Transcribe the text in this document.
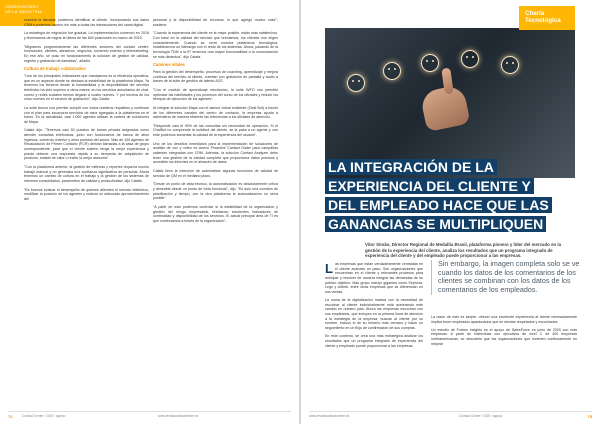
OBSERVATORIO
DE LA INDUSTRIA

conecta la llamada, podemos identificar al cliente. Incorporando sus datos CRM's podemos hacerlo sin más a todas las interacciones del canal digital.

La estrategia de migración fue gradual. La implementación comenzó en 2016 y terminamos de migrar la última de las 600 posiciones en marzo de 2019.

"Migramos progresivamente las diferentes sectores del contact center: Inversiones, clientes, abrasivos, negocios, comercio exterior y telemarketing. En ese año, se puso en funcionamiento la solución de gestión de calidad, registro y grabación de llamadas", añadió.

Cultura de trabajo colaborativo

"Uno de los principales indicadores que manejamos es la eficiencia operativa, que es un aspecto donde se destaca la estabilidad de la plataforma Maya. Ya tenemos los ficheros desde la inestabilidad y la disponibilidad del servidor telefónico ha sido superior a otros mares; en los servicios autoritarios de chat, correo y redes sociales hemos llegado a cuatro nueves. Y por encima de los cinco nueves en el servicio de grabación", dijo Calafa.

La suite Anexo nos permite cumplir con todos nuestros requisitos y continuar con el plan para incorporar servicios de valor agregado a la plataforma en el futuro. En la actualidad, casi 1.000 agentes utilizan la cartera de soluciones de Maya.

Calafa dijo: "Tenemos casi 50 puestos de banca privada asignados como atender consultas telefónicas, junto con funcionarios de banca de altos ingresos, comercio exterior y otros puestos del sector. Más de 100 agentes de Recaudación de Primer Contacto (FCR) derivan llamadas a la casa de grupo correspondiente, para que el cliente solemn tenga la mejor experiencia y pueda obtener una respuesta rápida a su demanda de adquisición de producto, estado de valor o recibir la mejor asesoría".

"Con la plataforma anterior, la gestión de métricas y reportes requería mucho trabajo manual y no generaba una confianza significativa de personal. Ahora tenemos un cambio de cultura en el trabajo y la gestión de los sistemas de informes consolidados, parámetros de calidad y productividad, dijo Calafa.

"Es buenos evaluar el desempeño de quienes atienden el servicio telefónico, modificar la posición de los agentes y realizar un adecuado aprovechamiento del

personal y la disponibilidad de recursos, lo que agregó mucho valor", sostiene.

"Cuando la experiencia del cliente es la mejor posible, están más satisfechos. Con base en la calidad del servicio que brindamos, los clientes nos eligen constantemente. Cuando se cerró nuestra plataforma tecnológica, establecemos un liderazgo con el resto de los sistemas. Ahora, pasando de la tecnología TDM a la IP, tenemos una mayor funcionalidad a la comunicación se más dinámica", dijo Calafa.

Caminos vitales

Para la gestión del desempeño, procesos de coaching, aprendizaje y mejora continua del servicio al cliente, cuentan con grabación de pantalla y audio a través de la suite de gestión de talento ACE.

"Con el módulo de aprendizaje electrónico, la suite WFO nos permitió optimizar las habilidades y los procesos del curso de los oficiales y reducir los tiempos de ejecución de los agentes".

Al integrar la solución Maya con el asesor virtual existente (Chat Bot) a través de los diferentes canales del centro de contacto, la empresa ayuda a administrar de manera eficiente las referencias a los oficiales de atención.

"Responde casi el 90% de las consultas sin necesidad de operación. Si el ChatBot no comprende la solicitud del cliente, se la pasa a un agente y con este podemos aumentar la calidad de la experiencia del usuario".

Uno de los desafíos inmediatos para la implementación de soluciones de análisis de voz y video es Anexo Proactive Contact Dialer para campañas salientes integradas con CRM. Además, la solución Contact Analyzer debe tener una gestión de la calidad completa que proporciona datos precisos y accesible los informes en el almacén de datos.

Calafa llevó la intención de automatizar algunas funciones de calidad de servicio de QM en el mediano plazo.

"Desde un punto de vista técnico, la automatización es absolutamente crítica y deseable desde un punto de vista funcional", dijo. "Es solo una cuestión de planificación y tiempo, con la otra plataforma la automatización no sería posible".

"A partir de esto podemos controlar si la estabilidad de la organización y gestión del riesgo empresarial, brindando excelentes indicadores de continuidad y disponibilidad de los servicios. El actual principal área de TI es que continuamos a través de la organización".

74	Contact Center / 2020 / agosto	www.revistacontactcenter.es
Charla
Tecnológica
LA INTEGRACIÓN DE LA
EXPERIENCIA DEL CLIENTE Y
DEL EMPLEADO HACE QUE LAS
GANANCIAS SE MULTIPLIQUEN
Vitor Simão, Director Regional de Medallia Brasil, plataforma pionera y líder del mercado en la gestión de la experiencia del cliente, analiza los resultados que un programa integrado de experiencia del cliente y del empleado puede proporcionar a las empresas.

Las empresas que están verdaderamente centradas en el cliente avanzan un paso. Son organizaciones que encuentran en el cliente y relevantes procesos para anticipar y resolver de manera integral las demandas de su público objetivo. Más grupo incluye gigantes como Sephora, Lego y Airbnb, entre otras empresas que se diferencian en sus ventas.

La suma de la digitalización masiva con la necesidad de escuchar al cliente individualmente está acelerando este cambio en nuestro país. Ahora las empresas escuchan con sus empleados, que incluyen en la primera línea de atención a la estrategia de la empresa, buscan al cliente por su nombre, incluso el de su entorno más cercano y hacer un seguimiento en un flujo de confirmación de sus compras.

En este contexto, se crea una más estratégica analizar los resultados que un programa integrado de experiencia del cliente y empleado puede proporcionar a las empresas.

Sin embargo, la imagen completa solo se ve cuando los datos de los comentarios de los clientes se combinan con los datos de los comentarios de los empleados.

La razón de esto es simple: ofrecer una excelente experiencia al cliente necesariamente implica tener empleados apasionados que se sientan respetados y escuchados.

Un estudio de Forbes Insights en el apoyo de SalesForce en junio de 2020 con más empresas. A partir de entrevistas con ejecutivos de nivel C de 300 empresas norteamericanas, se descubrió que las organizaciones que invierten continuamente en mejorar

www.revistacontactcenter.es	Contact Center / 2020 / agosto	75
